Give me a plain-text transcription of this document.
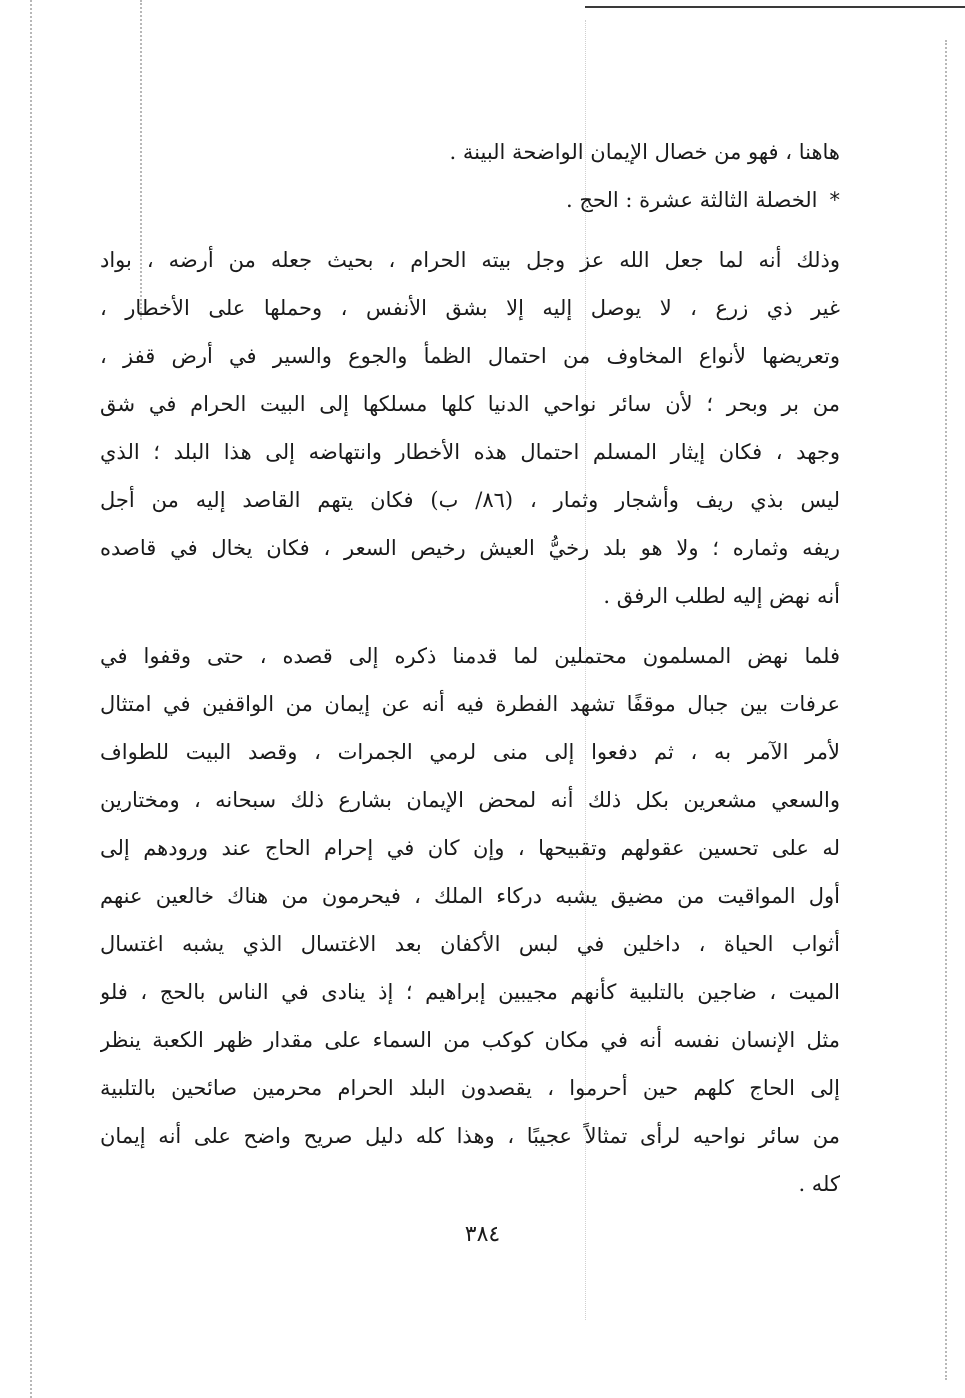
هاهنا ، فهو من خصال الإيمان الواضحة البينة .
*الخصلة الثالثة عشرة : الحج .
وذلك أنه لما جعل الله عز وجل بيته الحرام ، بحيث جعله من أرضه ، بواد
غير ذي زرع ، لا يوصل إليه إلا بشق الأنفس ، وحملها على الأخطار ،
وتعريضها لأنواع المخاوف من احتمال الظمأ والجوع والسير في أرض قفز ،
من بر وبحر ؛ لأن سائر نواحي الدنيا كلها مسلكها إلى البيت الحرام في شق
وجهد ، فكان إيثار المسلم احتمال هذه الأخطار وانتهاضه إلى هذا البلد ؛ الذي
ليس بذي ريف وأشجار وثمار ، (٨٦/ ب) فكان يتهم القاصد إليه من أجل
ريفه وثماره ؛ ولا هو بلد رخيُّ العيش رخيص السعر ، فكان يخال في قاصده
أنه نهض إليه لطلب الرفق .
فلما نهض المسلمون محتملين لما قدمنا ذكره إلى قصده ، حتى وقفوا في
عرفات بين جبال موقفًا تشهد الفطرة فيه أنه عن إيمان من الواقفين في امتثال
لأمر الآمر به ، ثم دفعوا إلى منى لرمي الجمرات ، وقصد البيت للطواف
والسعي مشعرين بكل ذلك أنه لمحض الإيمان بشارع ذلك سبحانه ، ومختارين
له على تحسين عقولهم وتقبيحها ، وإن كان في إحرام الحاج عند ورودهم إلى
أول المواقيت من مضيق يشبه دركاء الملك ، فيحرمون من هناك خالعين عنهم
أثواب الحياة ، داخلين في لبس الأكفان بعد الاغتسال الذي يشبه اغتسال
الميت ، ضاجين بالتلبية كأنهم مجيبين إبراهيم ؛ إذ ينادى في الناس بالحج ، فلو
مثل الإنسان نفسه أنه في مكان كوكب من السماء على مقدار ظهر الكعبة ينظر
إلى الحاج كلهم حين أحرموا ، يقصدون البلد الحرام محرمين صائحين بالتلبية
من سائر نواحيه لرأى تمثالاً عجيبًا ، وهذا كله دليل صريح واضح على أنه إيمان
كله .
٣٨٤
